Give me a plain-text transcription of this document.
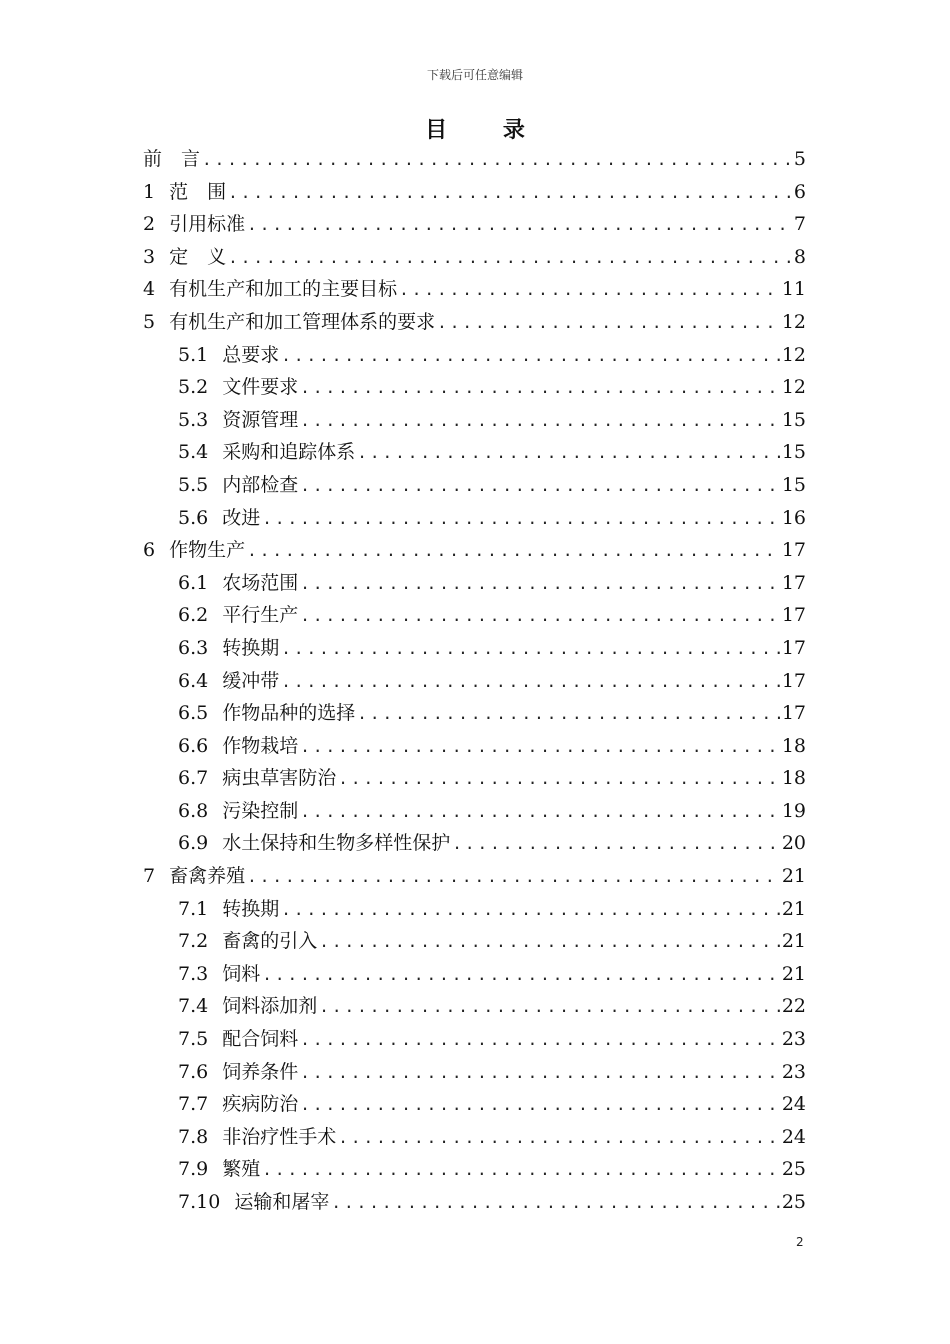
下载后可任意编辑
目 录
前　言 .....	5
1 范　围 .....	6
2 引用标准 .....	7
3 定　义 .....	8
4 有机生产和加工的主要目标 .....	11
5 有机生产和加工管理体系的要求 .....	12
5.1 总要求 .....	12
5.2 文件要求 .....	12
5.3 资源管理 .....	15
5.4 采购和追踪体系 .....	15
5.5 内部检查 .....	15
5.6 改进 .....	16
6 作物生产 .....	17
6.1 农场范围 .....	17
6.2 平行生产 .....	17
6.3 转换期 .....	17
6.4 缓冲带 .....	17
6.5 作物品种的选择 .....	17
6.6 作物栽培 .....	18
6.7 病虫草害防治 .....	18
6.8 污染控制 .....	19
6.9 水土保持和生物多样性保护 .....	20
7 畜禽养殖 .....	21
7.1 转换期 .....	21
7.2 畜禽的引入 .....	21
7.3 饲料 .....	21
7.4 饲料添加剂 .....	22
7.5 配合饲料 .....	23
7.6 饲养条件 .....	23
7.7 疾病防治 .....	24
7.8 非治疗性手术 .....	24
7.9 繁殖 .....	25
7.10 运输和屠宰 .....	25
2
